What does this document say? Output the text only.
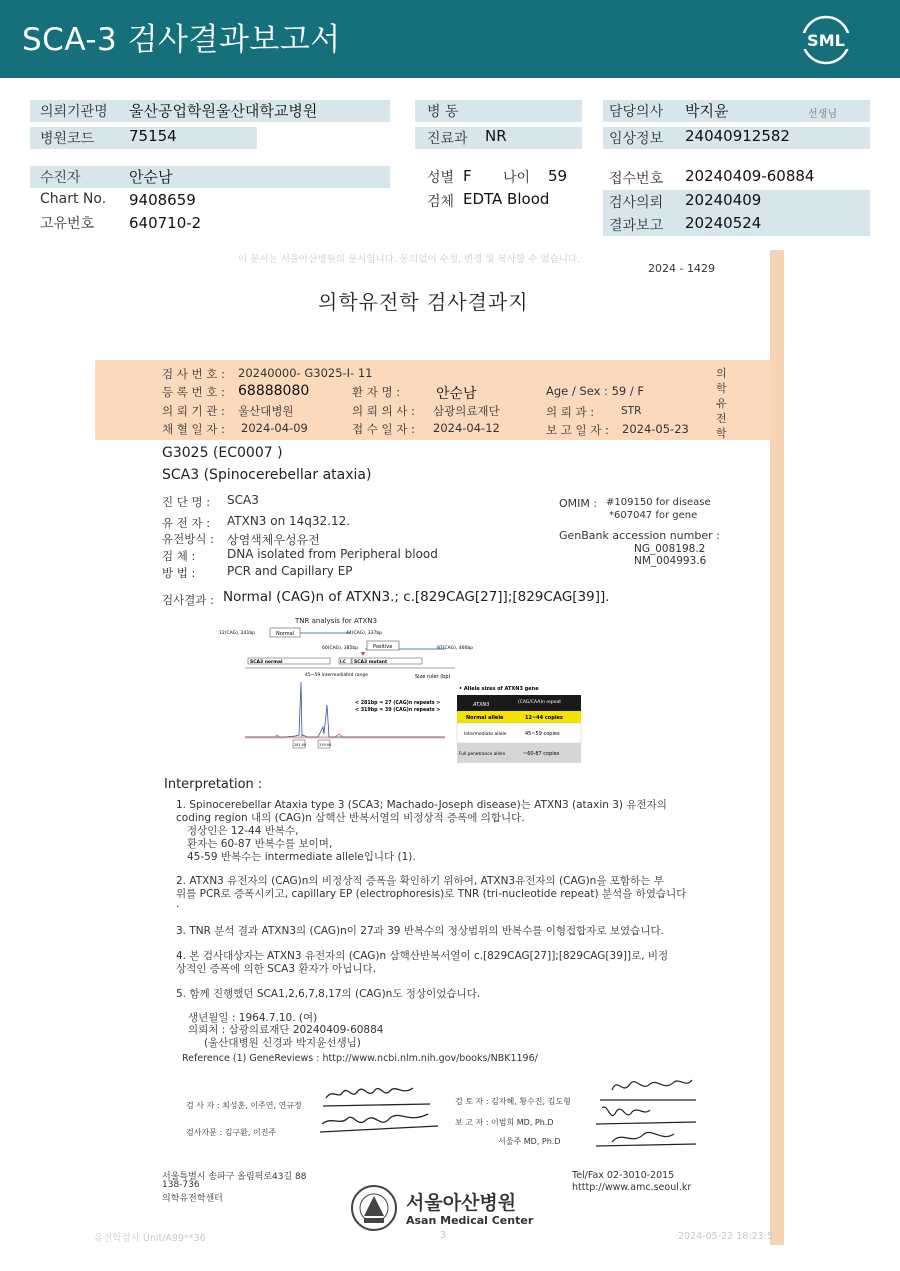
SCA-3 검사결과보고서	SML
의뢰기관명 울산공업학원울산대학교병원
병원코드 75154
병 동
진료과 NR
담당의사 박지윤	선생님
임상정보 24040912582
수진자	안순남
Chart No. 9408659
고유번호 640710-2
성별 F 나이 59
검체 EDTA Blood
접수번호 20240409-60884
검사의뢰 20240409
결과보고 20240524
이 문서는 서울아산병원의 문서입니다. 동의없이 수정, 변경 및 복사할 수 없습니다.
2024 - 1429
의학유전학 검사결과지
의학유전학
검 사 번 호 : 20240000- G3025-I- 11
등 록 번 호 : 68888080	환 자 명 :	안순남	Age / Sex : 59 / F
의 뢰 기 관 : 울산대병원	의 뢰 의 사 : 삼광의료재단	의 뢰 과 :	STR
채 혈 일 자 : 2024-04-09	접 수 일 자 : 2024-04-12	보 고 일 자 : 2024-05-23
G3025 (EC0007 )
SCA3 (Spinocerebellar ataxia)
진 단 명 : SCA3
유 전 자 : ATXN3 on 14q32.12.
유전방식 : 상염색체우성유전
검 체 :	DNA isolated from Peripheral blood
방 법 :	PCR and Capillary EP
OMIM : #109150 for disease
*607047 for gene
GenBank accession number :
NG_008198.2
NM_004993.6
검사결과 : Normal (CAG)n of ATXN3.; c.[829CAG[27]];[829CAG[39]].
TNR analysis for ATXN3
Normal
12(CAG), 241bp	44(CAG), 337bp
Positive
60(CAG), 385bp	87(CAG), 466bp
SCA3 normal	I.C SCA3 mutant
45~59 intermediated range	Size ruler (bp)
281.00	319.00
< 281bp = 27 (CAG)n repeats >
< 319bp = 39 (CAG)n repeats >
• Allele sizes of ATXN3 gene
ATXN3	(CAG/CAA)n repeat
Normal allele	12~44 copies
Intermediate allele	45~59 copies
Full penetrance allele	~60-87 copies
Interpretation :
1. Spinocerebellar Ataxia type 3 (SCA3; Machado-Joseph disease)는 ATXN3 (ataxin 3) 유전자의
coding region 내의 (CAG)n 삼핵산 반복서열의 비정상적 증폭에 의합니다.
정상인은 12-44 반복수,
환자는 60-87 반복수를 보이며,
45-59 반복수는 intermediate allele입니다 (1).
2. ATXN3 유전자의 (CAG)n의 비정상적 증폭을 확인하기 위하여, ATXN3유전자의 (CAG)n을 포함하는 부
위를 PCR로 증폭시키고, capillary EP (electrophoresis)로 TNR (tri-nucleotide repeat) 분석을 하였습니다
.
3. TNR 분석 결과 ATXN3의 (CAG)n이 27과 39 반복수의 정상범위의 반복수를 이형접합자로 보였습니다.
4. 본 검사대상자는 ATXN3 유전자의 (CAG)n 삼핵산반복서열이 c.[829CAG[27]];[829CAG[39]]로, 비정
상적인 증폭에 의한 SCA3 환자가 아닙니다.
5. 함께 진행했던 SCA1,2,6,7,8,17의 (CAG)n도 정상이었습니다.
생년월일 : 1964.7.10. (여)
의뢰처 : 삼광의료재단 20240409-60884
(울산대병원 신경과 박지윤선생님)
Reference (1) GeneReviews : http://www.ncbi.nlm.nih.gov/books/NBK1196/
검 사 자 : 최성훈, 이주연, 연규정
검사자문 : 김구환, 이진주
검 토 자 : 김자혜, 황수진, 김도형
보 고 자 : 이범희 MD, Ph.D
서울주 MD, Ph.D
서울특별시 송파구 올림픽로43길 88
138-736
의학유전학센터
Tel/Fax 02-3010-2015
htttp://www.amc.seoul.kr
서울아산병원
Asan Medical Center
유전학검사 Unit/A99**36	3	2024-05-22 18:23:5
